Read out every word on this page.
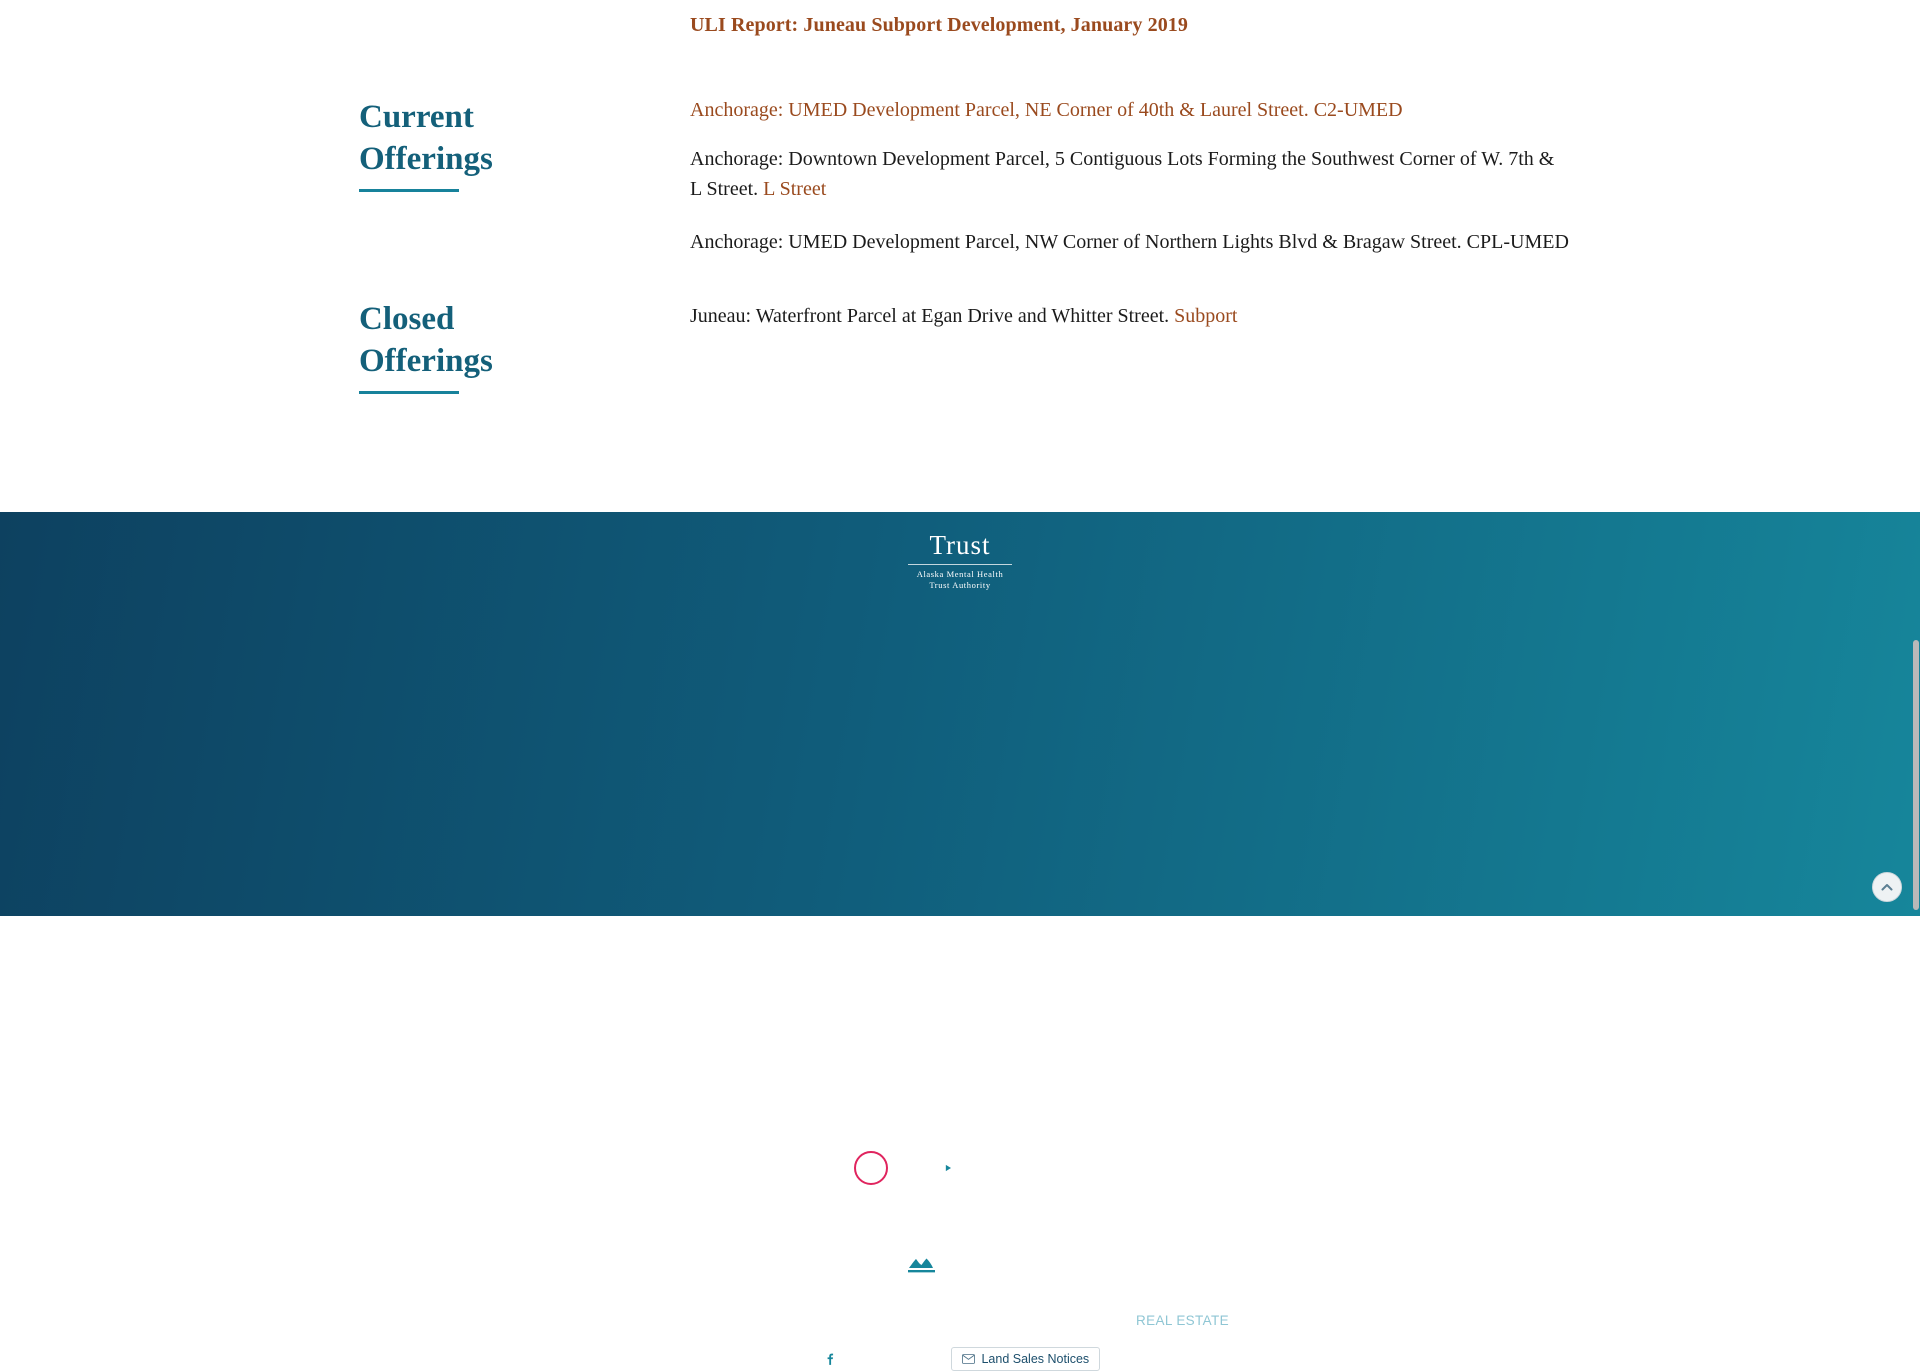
ULI Report: Juneau Subport Development, January 2019
Current
Offerings
Closed
Offerings
Anchorage: UMED Development Parcel, NE Corner of 40th & Laurel Street. C2-UMED
Anchorage: Downtown Development Parcel, 5 Contiguous Lots Forming the Southwest Corner of W. 7th & L Street. L Street
Anchorage: UMED Development Parcel, NW Corner of Northern Lights Blvd & Bragaw Street. CPL-UMED
Juneau: Waterfront Parcel at Egan Drive and Whitter Street. Subport
Trust
Alaska Mental Health
Trust Authority
BENEFICIARIES GRANTS WHAT WE DO CONTACT ADVOCACY RESOURCES
907-269-7960
Trust
Land Office
LAND USE APPLICATION GENERAL PERMITS PUBLIC NOTICES LAND AND LAND SALES FORESTRY MINERALS AND MATERIALS ENERGY REAL ESTATE CONNECT HOW DOES THE TRUST LAND OFFICE SUPPORT TRUST BENEFICIARIES?
907-269-8658	Land Sales Notices
